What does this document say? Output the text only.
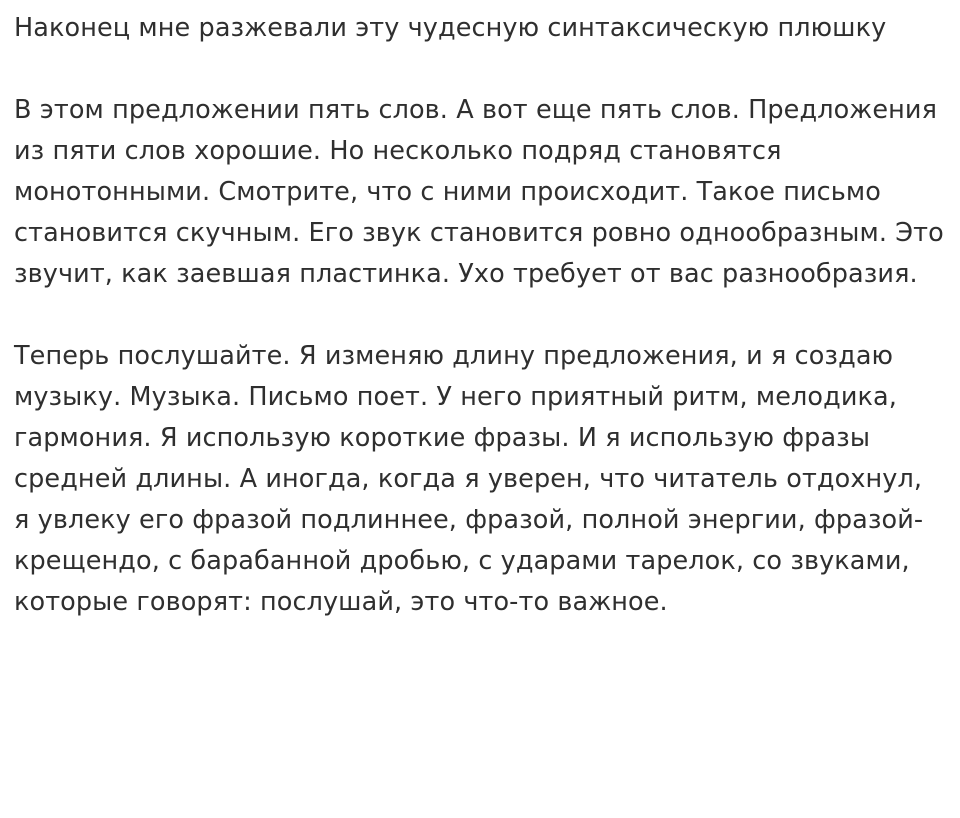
Наконец мне разжевали эту чудесную синтаксическую плюшку

В этом предложении пять слов. А вот еще пять слов. Предложения из пяти слов хорошие. Но несколько подряд становятся монотонными. Смотрите, что с ними происходит. Такое письмо становится скучным. Его звук становится ровно однообразным. Это звучит, как заевшая пластинка. Ухо требует от вас разнообразия.

Теперь послушайте. Я изменяю длину предложения, и я создаю музыку. Музыка. Письмо поет. У него приятный ритм, мелодика, гармония. Я использую короткие фразы. И я использую фразы средней длины. А иногда, когда я уверен, что читатель отдохнул, я увлеку его фразой подлиннее, фразой, полной энергии, фразой-крещендо, с барабанной дробью, с ударами тарелок, со звуками, которые говорят: послушай, это что-то важное.
